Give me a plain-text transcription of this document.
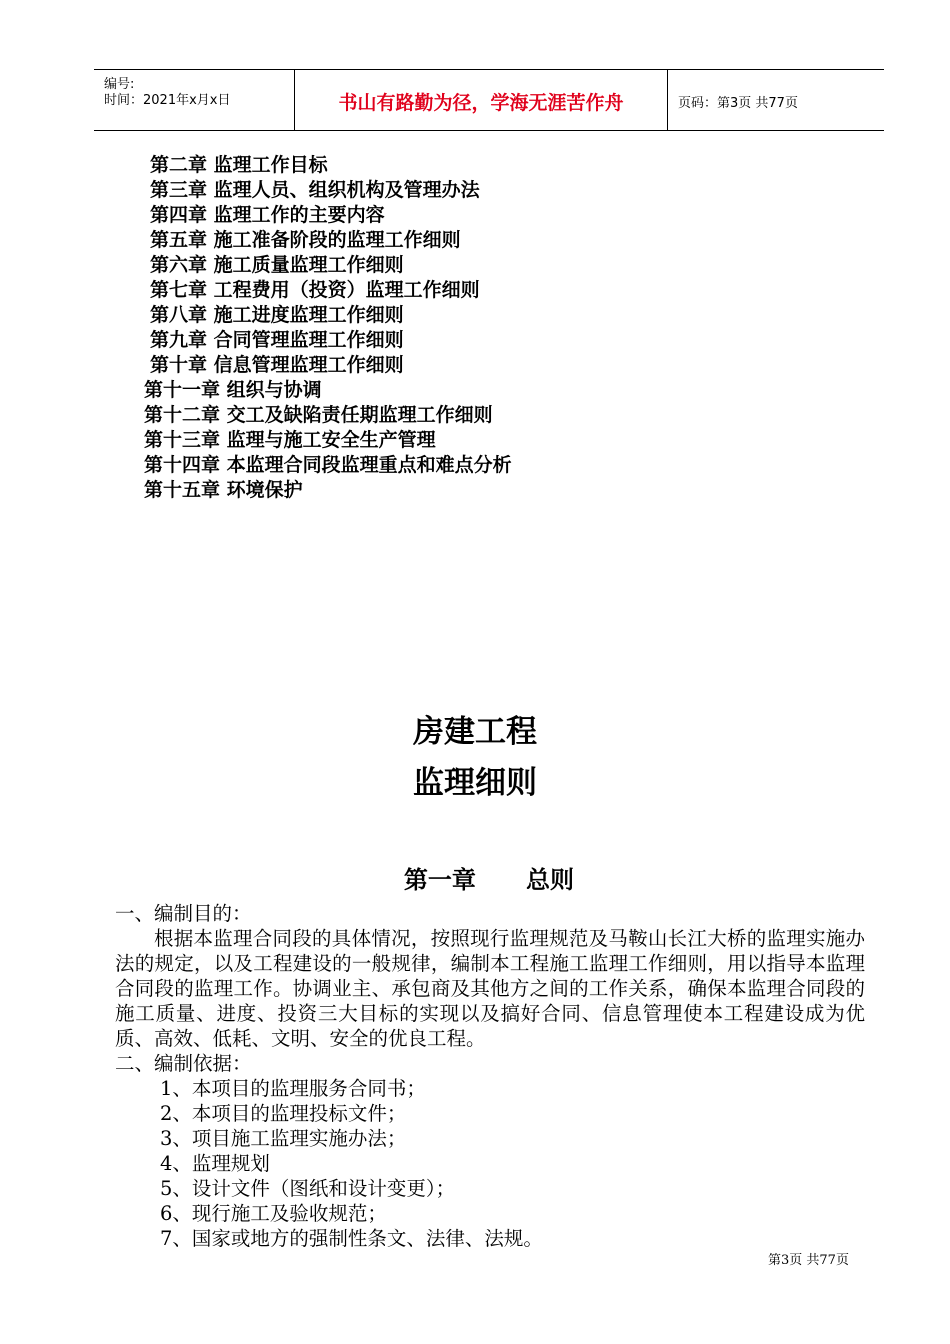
编号:
时间：2021年x月x日	书山有路勤为径，学海无涯苦作舟	页码：第3页 共77页
第二章 监理工作目标
第三章 监理人员、组织机构及管理办法
第四章 监理工作的主要内容
第五章 施工准备阶段的监理工作细则
第六章 施工质量监理工作细则
第七章 工程费用（投资）监理工作细则
第八章 施工进度监理工作细则
第九章 合同管理监理工作细则
第十章 信息管理监理工作细则
第十一章 组织与协调
第十二章 交工及缺陷责任期监理工作细则
第十三章 监理与施工安全生产管理
第十四章 本监理合同段监理重点和难点分析
第十五章 环境保护
房建工程
监理细则
第一章      总则
一、编制目的：
根据本监理合同段的具体情况，按照现行监理规范及马鞍山长江大桥的监理实施办法的规定，以及工程建设的一般规律，编制本工程施工监理工作细则，用以指导本监理合同段的监理工作。协调业主、承包商及其他方之间的工作关系，确保本监理合同段的施工质量、进度、投资三大目标的实现以及搞好合同、信息管理使本工程建设成为优质、高效、低耗、文明、安全的优良工程。
二、编制依据：
1、本项目的监理服务合同书；
2、本项目的监理投标文件；
3、项目施工监理实施办法；
4、监理规划
5、设计文件（图纸和设计变更）；
6、现行施工及验收规范；
7、国家或地方的强制性条文、法律、法规。
第3页 共77页
